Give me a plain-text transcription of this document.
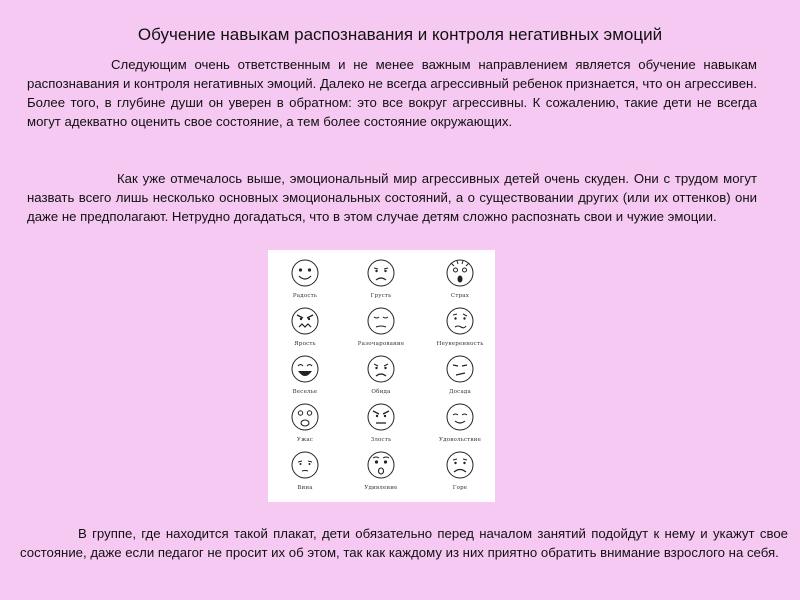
Обучение навыкам распознавания и контроля негативных эмоций

Следующим очень ответственным и не менее важным направлением является обучение навыкам распознавания и контроля негативных эмоций. Далеко не всегда агрессивный ребенок признается, что он агрессивен. Более того, в глубине души он уверен в обратном: это все вокруг агрессивны. К сожалению, такие дети не всегда могут адекватно оценить свое состояние, а тем более состояние окружающих.

Как уже отмечалось выше, эмоциональный мир агрессивных детей очень скуден. Они с трудом могут назвать всего лишь несколько основных эмоциональных состояний, а о существовании других (или их оттенков) они даже не предполагают. Нетрудно догадаться, что в этом случае детям сложно распознать свои и чужие эмоции.

Радость	Грусть	Страх
Ярость	Разочарование	Неуверенность
Веселье	Обида	Досада
Ужас	Злость	Удовольствие
Вина	Удивление	Горе

В группе, где находится такой плакат, дети обязательно перед началом занятий подойдут к нему и укажут свое состояние, даже если педагог не просит их об этом, так как каждому из них приятно обратить внимание взрослого на себя.
